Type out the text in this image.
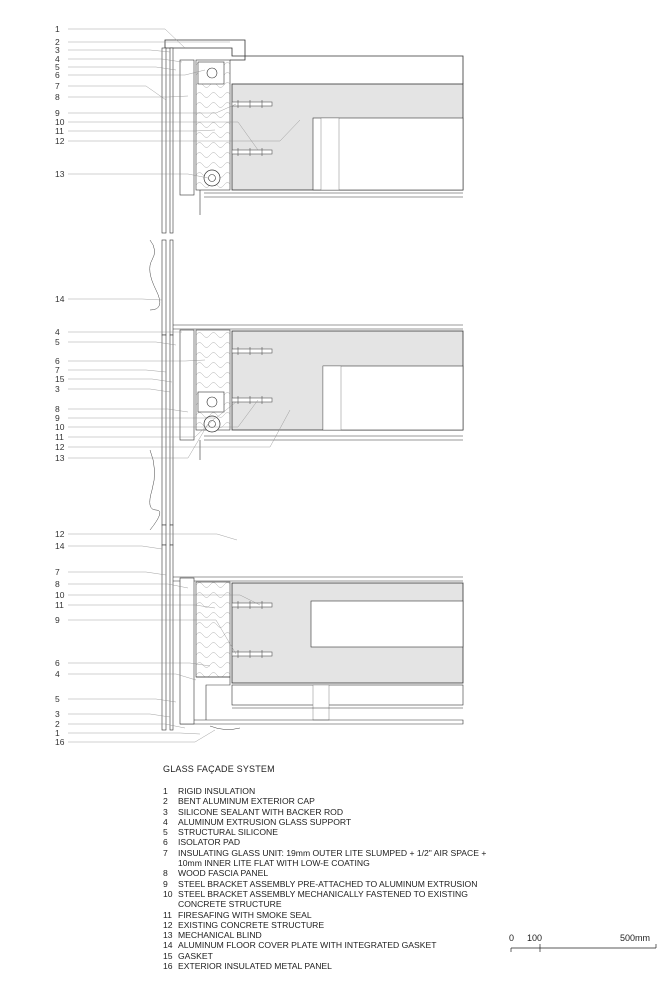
1
2
3
4
5
6
7
8
9
10
11
12
13
14
4
5
6
7
15
3
8
9
10
11
12
13
12
14
7
8
10
11
9
6
4
5
3
2
1
16
GLASS FAÇADE SYSTEM
1	RIGID INSULATION
2	BENT ALUMINUM EXTERIOR CAP
3	SILICONE SEALANT WITH BACKER ROD
4	ALUMINUM EXTRUSION GLASS SUPPORT
5	STRUCTURAL SILICONE
6	ISOLATOR PAD
7	INSULATING GLASS UNIT: 19mm OUTER LITE SLUMPED + 1/2" AIR SPACE + 10mm INNER LITE FLAT WITH LOW-E COATING
8	WOOD FASCIA PANEL
9	STEEL BRACKET ASSEMBLY PRE-ATTACHED TO ALUMINUM EXTRUSION
10 STEEL BRACKET ASSEMBLY MECHANICALLY FASTENED TO EXISTING CONCRETE STRUCTURE
11 FIRESAFING WITH SMOKE SEAL
12 EXISTING CONCRETE STRUCTURE
13 MECHANICAL BLIND
14 ALUMINUM FLOOR COVER PLATE WITH INTEGRATED GASKET
15 GASKET
16 EXTERIOR INSULATED METAL PANEL
0 100	500mm
